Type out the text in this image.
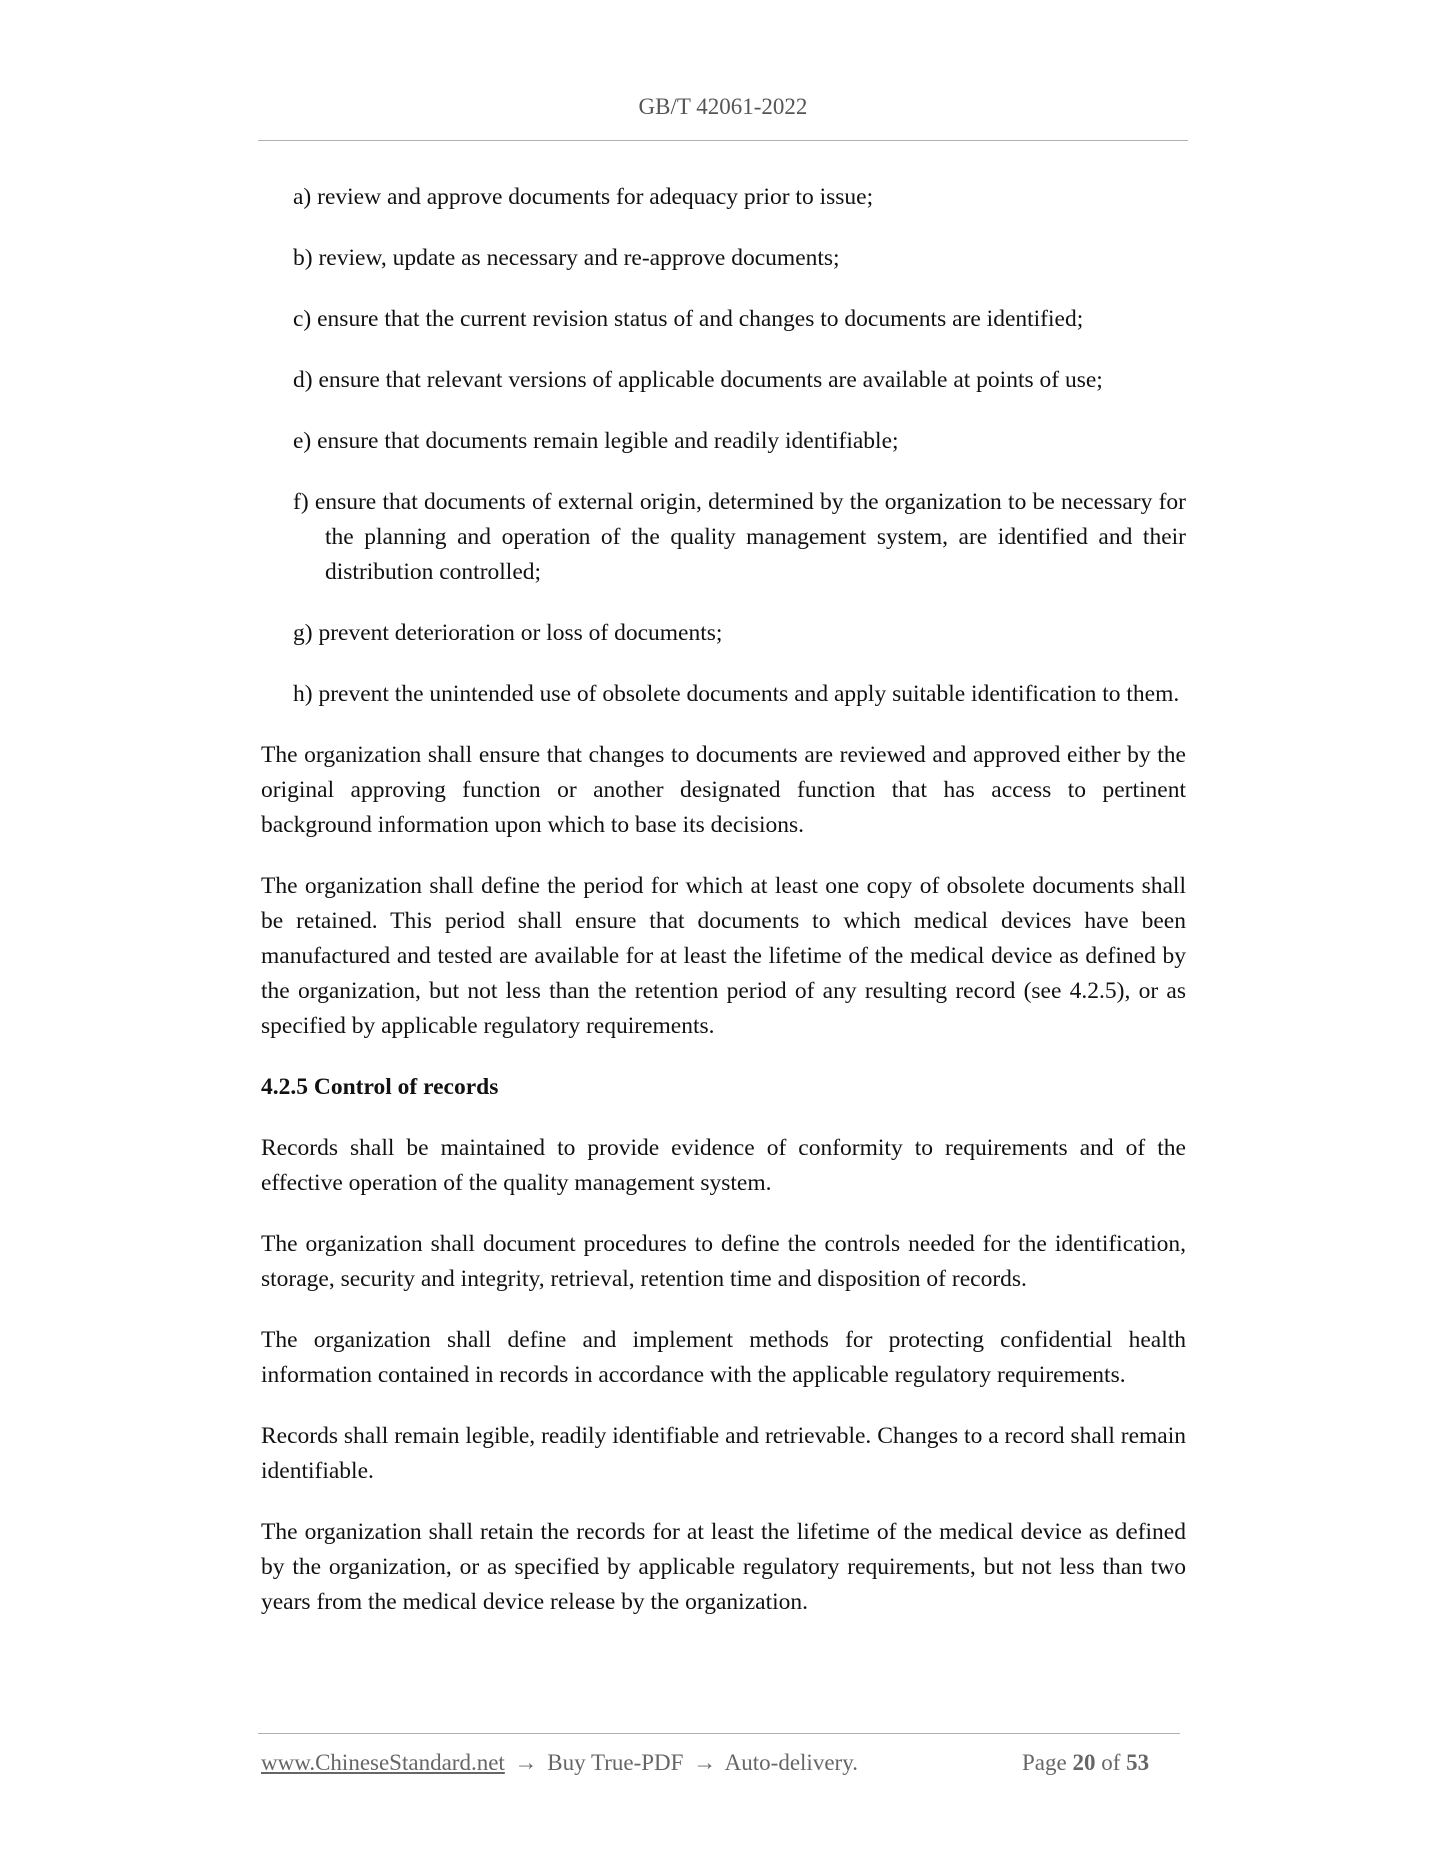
GB/T 42061-2022

a) review and approve documents for adequacy prior to issue;

b) review, update as necessary and re-approve documents;

c) ensure that the current revision status of and changes to documents are identified;

d) ensure that relevant versions of applicable documents are available at points of use;

e) ensure that documents remain legible and readily identifiable;

f) ensure that documents of external origin, determined by the organization to be necessary for the planning and operation of the quality management system, are identified and their distribution controlled;

g) prevent deterioration or loss of documents;

h) prevent the unintended use of obsolete documents and apply suitable identification to them.

The organization shall ensure that changes to documents are reviewed and approved either by the original approving function or another designated function that has access to pertinent background information upon which to base its decisions.

The organization shall define the period for which at least one copy of obsolete documents shall be retained. This period shall ensure that documents to which medical devices have been manufactured and tested are available for at least the lifetime of the medical device as defined by the organization, but not less than the retention period of any resulting record (see 4.2.5), or as specified by applicable regulatory requirements.

4.2.5 Control of records

Records shall be maintained to provide evidence of conformity to requirements and of the effective operation of the quality management system.

The organization shall document procedures to define the controls needed for the identification, storage, security and integrity, retrieval, retention time and disposition of records.

The organization shall define and implement methods for protecting confidential health information contained in records in accordance with the applicable regulatory requirements.

Records shall remain legible, readily identifiable and retrievable. Changes to a record shall remain identifiable.

The organization shall retain the records for at least the lifetime of the medical device as defined by the organization, or as specified by applicable regulatory requirements, but not less than two years from the medical device release by the organization.

www.ChineseStandard.net → Buy True-PDF → Auto-delivery.	Page 20 of 53
